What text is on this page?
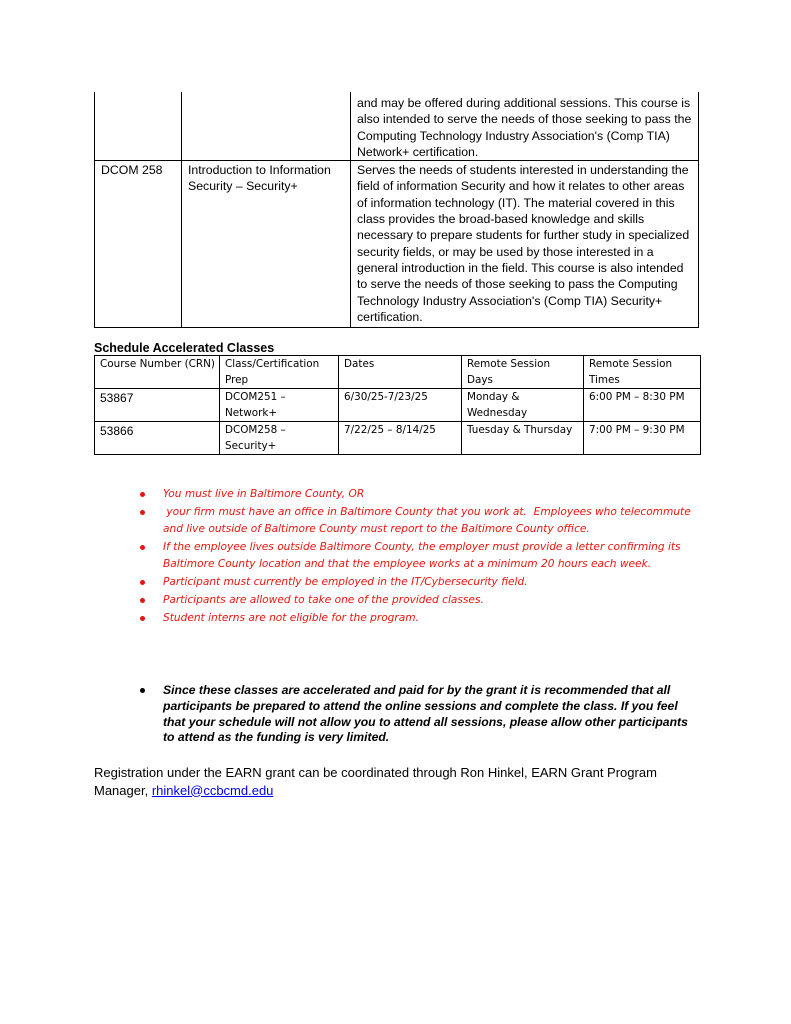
		and may be offered during additional sessions. This course is also intended to serve the needs of those seeking to pass the Computing Technology Industry Association's (Comp TIA) Network+ certification.
DCOM 258	Introduction to Information Security – Security+	Serves the needs of students interested in understanding the field of information Security and how it relates to other areas of information technology (IT). The material covered in this class provides the broad-based knowledge and skills necessary to prepare students for further study in specialized security fields, or may be used by those interested in a general introduction in the field. This course is also intended to serve the needs of those seeking to pass the Computing Technology Industry Association's (Comp TIA) Security+ certification.
Schedule Accelerated Classes
Course Number (CRN)	Class/Certification Prep	Dates	Remote Session Days	Remote Session Times
53867	DCOM251 – Network+	6/30/25-7/23/25	Monday & Wednesday	6:00 PM – 8:30 PM
53866	DCOM258 – Security+	7/22/25 – 8/14/25	Tuesday & Thursday	7:00 PM – 9:30 PM
You must live in Baltimore County, OR
your firm must have an office in Baltimore County that you work at.  Employees who telecommute and live outside of Baltimore County must report to the Baltimore County office.
If the employee lives outside Baltimore County, the employer must provide a letter confirming its Baltimore County location and that the employee works at a minimum 20 hours each week.
Participant must currently be employed in the IT/Cybersecurity field.
Participants are allowed to take one of the provided classes.
Student interns are not eligible for the program.
Since these classes are accelerated and paid for by the grant it is recommended that all participants be prepared to attend the online sessions and complete the class. If you feel that your schedule will not allow you to attend all sessions, please allow other participants to attend as the funding is very limited.

Registration under the EARN grant can be coordinated through Ron Hinkel, EARN Grant Program Manager, rhinkel@ccbcmd.edu
